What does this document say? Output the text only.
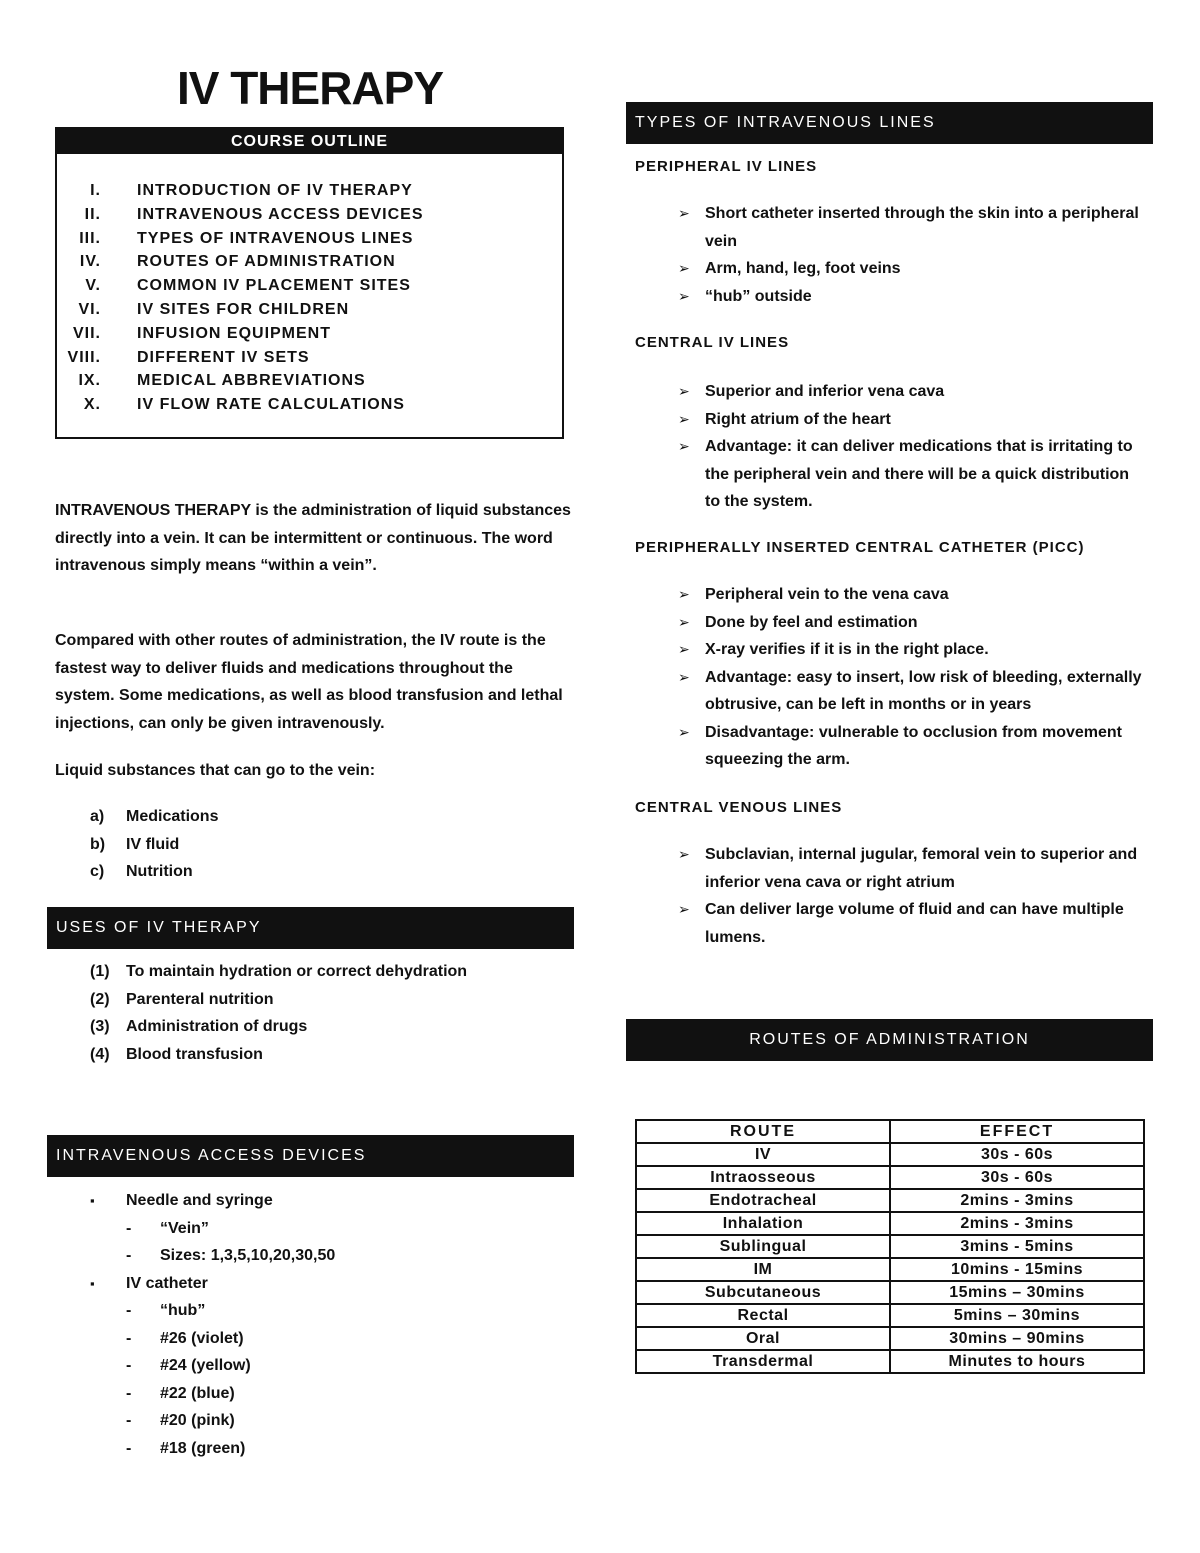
IV THERAPY
COURSE OUTLINE
I. INTRODUCTION OF IV THERAPY
II. INTRAVENOUS ACCESS DEVICES
III. TYPES OF INTRAVENOUS LINES
IV. ROUTES OF ADMINISTRATION
V. COMMON IV PLACEMENT SITES
VI. IV SITES FOR CHILDREN
VII. INFUSION EQUIPMENT
VIII. DIFFERENT IV SETS
IX. MEDICAL ABBREVIATIONS
X. IV FLOW RATE CALCULATIONS

INTRAVENOUS THERAPY is the administration of liquid substances directly into a vein. It can be intermittent or continuous. The word intravenous simply means “within a vein”.

Compared with other routes of administration, the IV route is the fastest way to deliver fluids and medications throughout the system. Some medications, as well as blood transfusion and lethal injections, can only be given intravenously.

Liquid substances that can go to the vein:

a) Medications
b) IV fluid
c) Nutrition
USES OF IV THERAPY
(1) To maintain hydration or correct dehydration
(2) Parenteral nutrition
(3) Administration of drugs
(4) Blood transfusion
INTRAVENOUS ACCESS DEVICES
▪ Needle and syringe
- “Vein”
- Sizes: 1,3,5,10,20,30,50
▪ IV catheter
- “hub”
- #26 (violet)
- #24 (yellow)
- #22 (blue)
- #20 (pink)
- #18 (green)
TYPES OF INTRAVENOUS LINES
PERIPHERAL IV LINES
➢ Short catheter inserted through the skin into a peripheral vein
➢ Arm, hand, leg, foot veins
➢ “hub” outside
CENTRAL IV LINES
➢ Superior and inferior vena cava
➢ Right atrium of the heart
➢ Advantage: it can deliver medications that is irritating to the peripheral vein and there will be a quick distribution to the system.
PERIPHERALLY INSERTED CENTRAL CATHETER (PICC)
➢ Peripheral vein to the vena cava
➢ Done by feel and estimation
➢ X-ray verifies if it is in the right place.
➢ Advantage: easy to insert, low risk of bleeding, externally obtrusive, can be left in months or in years
➢ Disadvantage: vulnerable to occlusion from movement squeezing the arm.
CENTRAL VENOUS LINES
➢ Subclavian, internal jugular, femoral vein to superior and inferior vena cava or right atrium
➢ Can deliver large volume of fluid and can have multiple lumens.
ROUTES OF ADMINISTRATION
ROUTE	EFFECT
IV	30s - 60s
Intraosseous	30s - 60s
Endotracheal	2mins - 3mins
Inhalation	2mins - 3mins
Sublingual	3mins - 5mins
IM	10mins - 15mins
Subcutaneous	15mins – 30mins
Rectal	5mins – 30mins
Oral	30mins – 90mins
Transdermal	Minutes to hours
